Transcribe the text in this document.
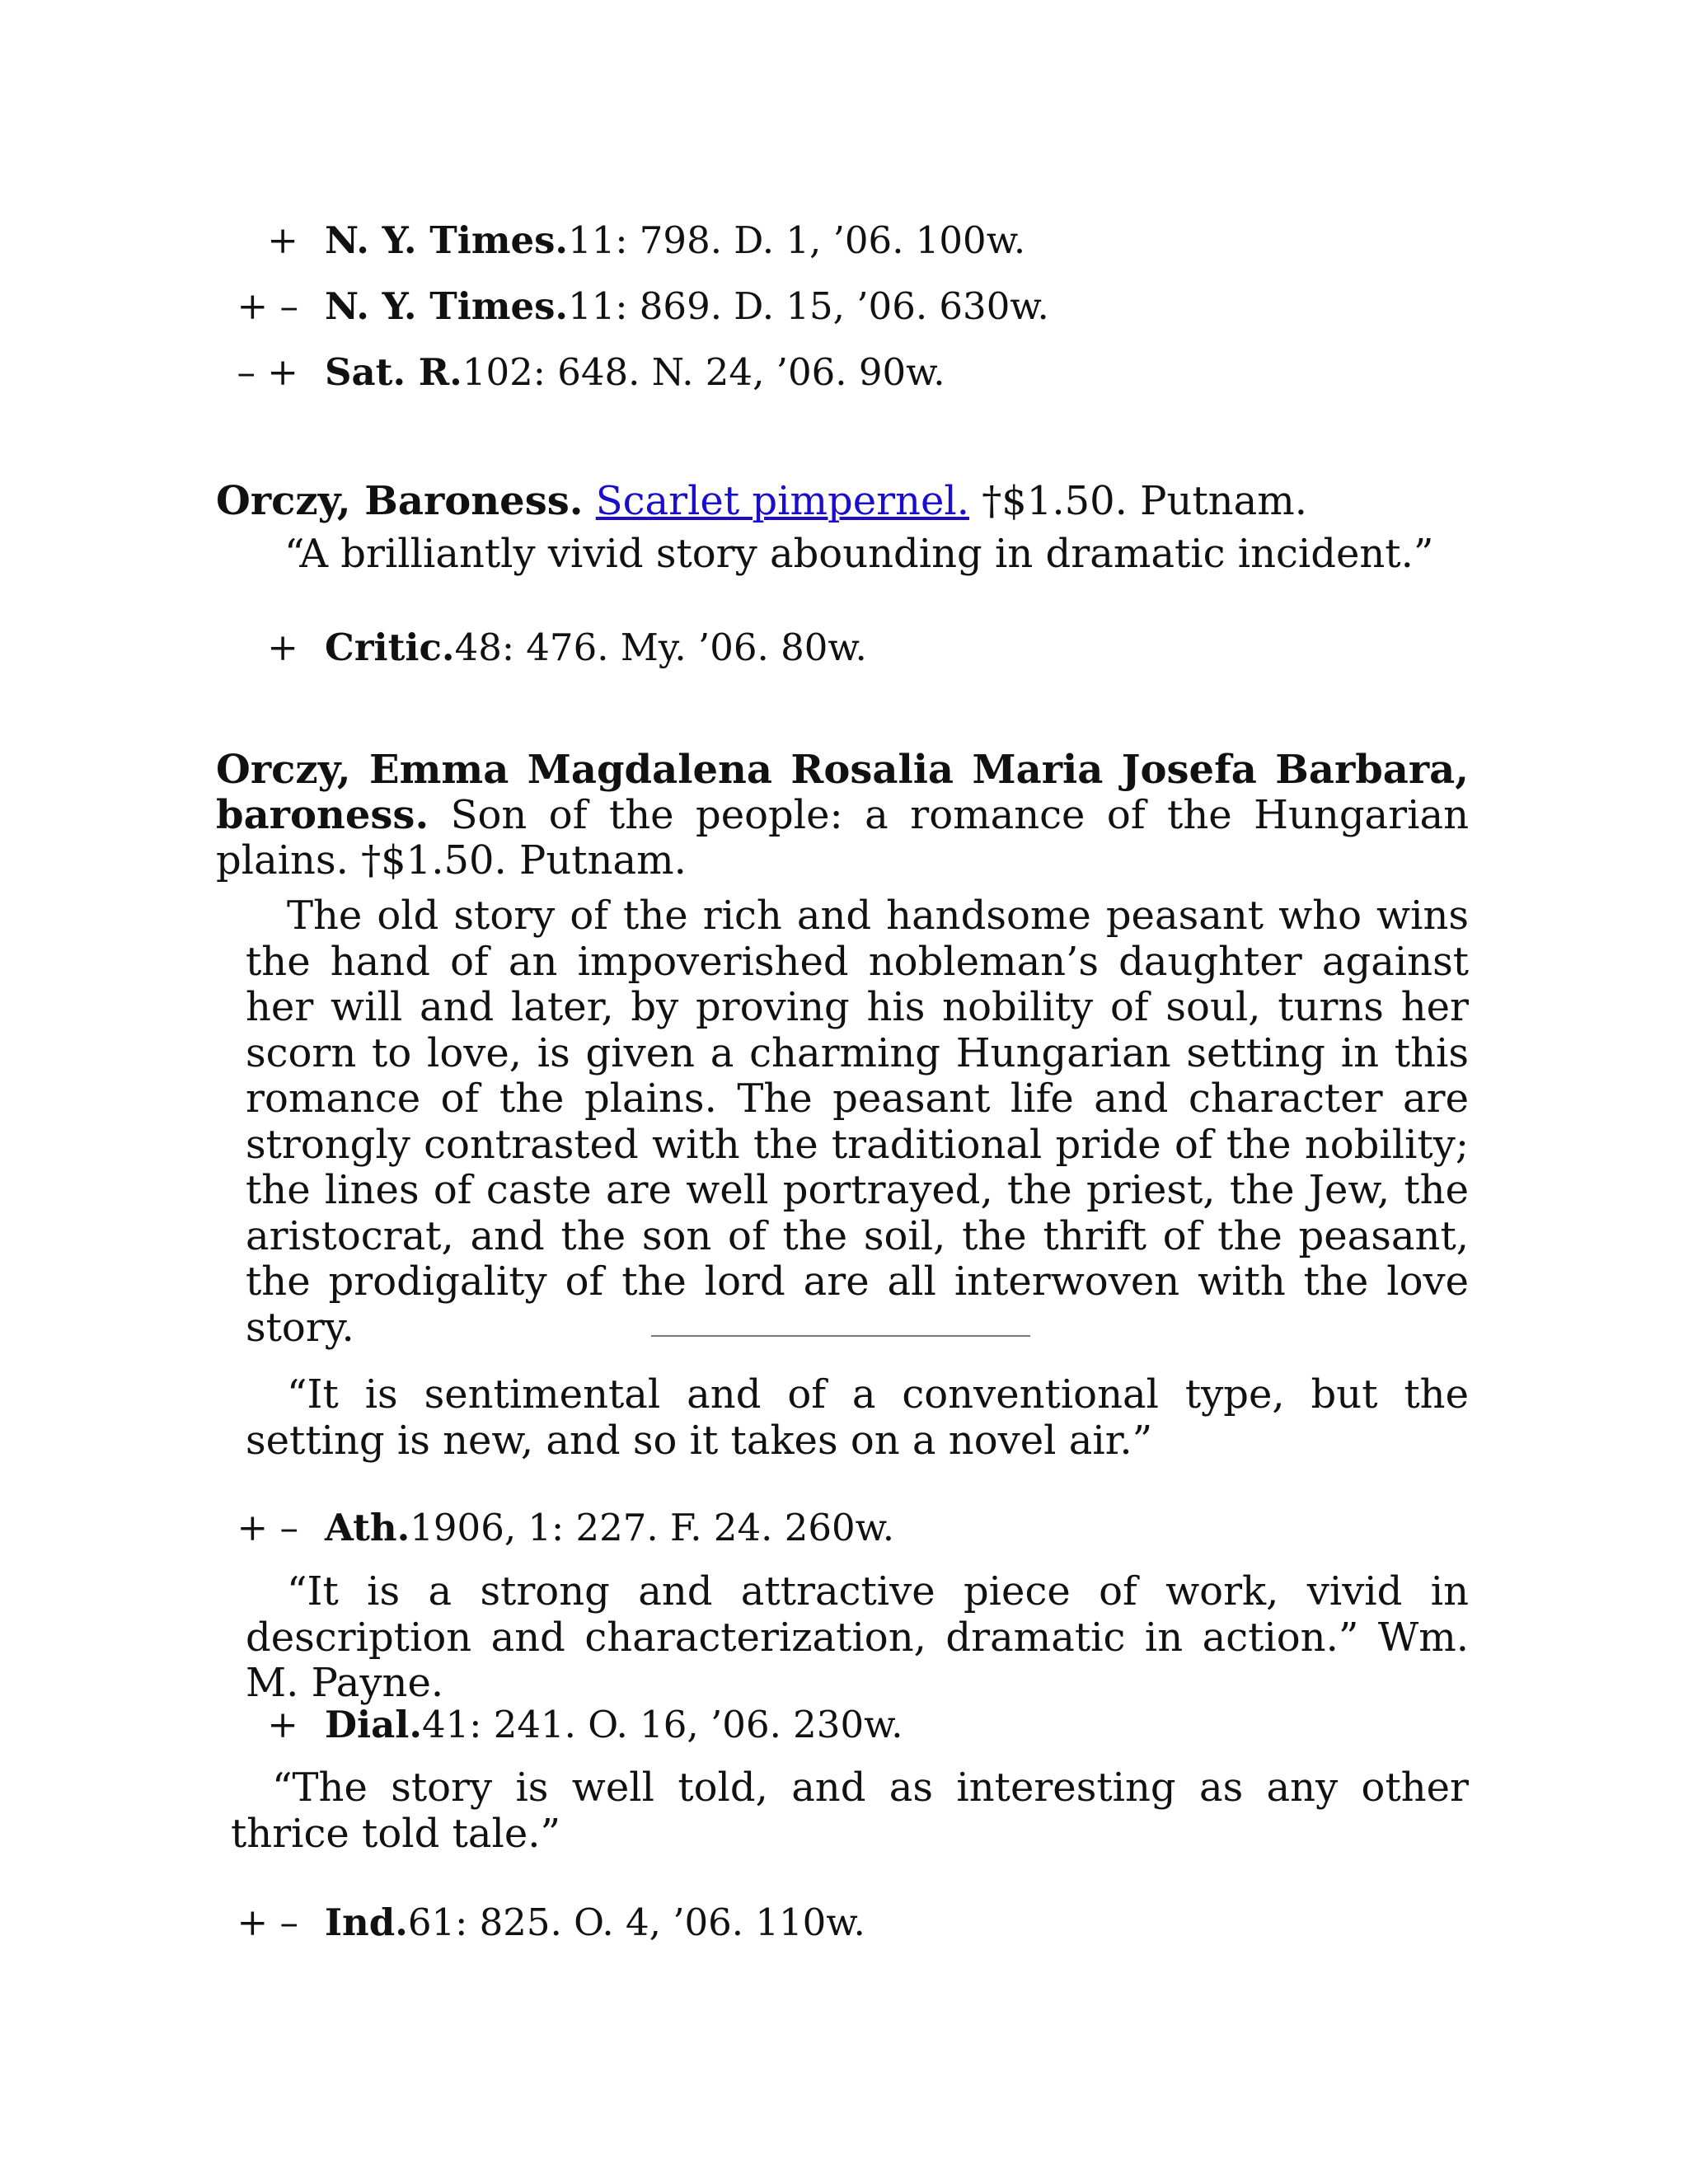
+ N. Y. Times. 11: 798. D. 1, ’06. 100w.
+ – N. Y. Times. 11: 869. D. 15, ’06. 630w.
– + Sat. R. 102: 648. N. 24, ’06. 90w.
Orczy, Baroness. Scarlet pimpernel. †$1.50. Putnam.
“A brilliantly vivid story abounding in dramatic incident.”
+ Critic. 48: 476. My. ’06. 80w.
Orczy, Emma Magdalena Rosalia Maria Josefa Barbara, baroness. Son of the people: a romance of the Hungarian plains. †$1.50. Putnam.
The old story of the rich and handsome peasant who wins the hand of an impoverished nobleman’s daughter against her will and later, by proving his nobility of soul, turns her scorn to love, is given a charming Hungarian setting in this romance of the plains. The peasant life and character are strongly contrasted with the traditional pride of the nobility; the lines of caste are well portrayed, the priest, the Jew, the aristocrat, and the son of the soil, the thrift of the peasant, the prodigality of the lord are all interwoven with the love story.
“It is sentimental and of a conventional type, but the setting is new, and so it takes on a novel air.”
+ – Ath. 1906, 1: 227. F. 24. 260w.
“It is a strong and attractive piece of work, vivid in description and characterization, dramatic in action.” Wm. M. Payne.
+ Dial. 41: 241. O. 16, ’06. 230w.
“The story is well told, and as interesting as any other thrice told tale.”
+ – Ind. 61: 825. O. 4, ’06. 110w.
